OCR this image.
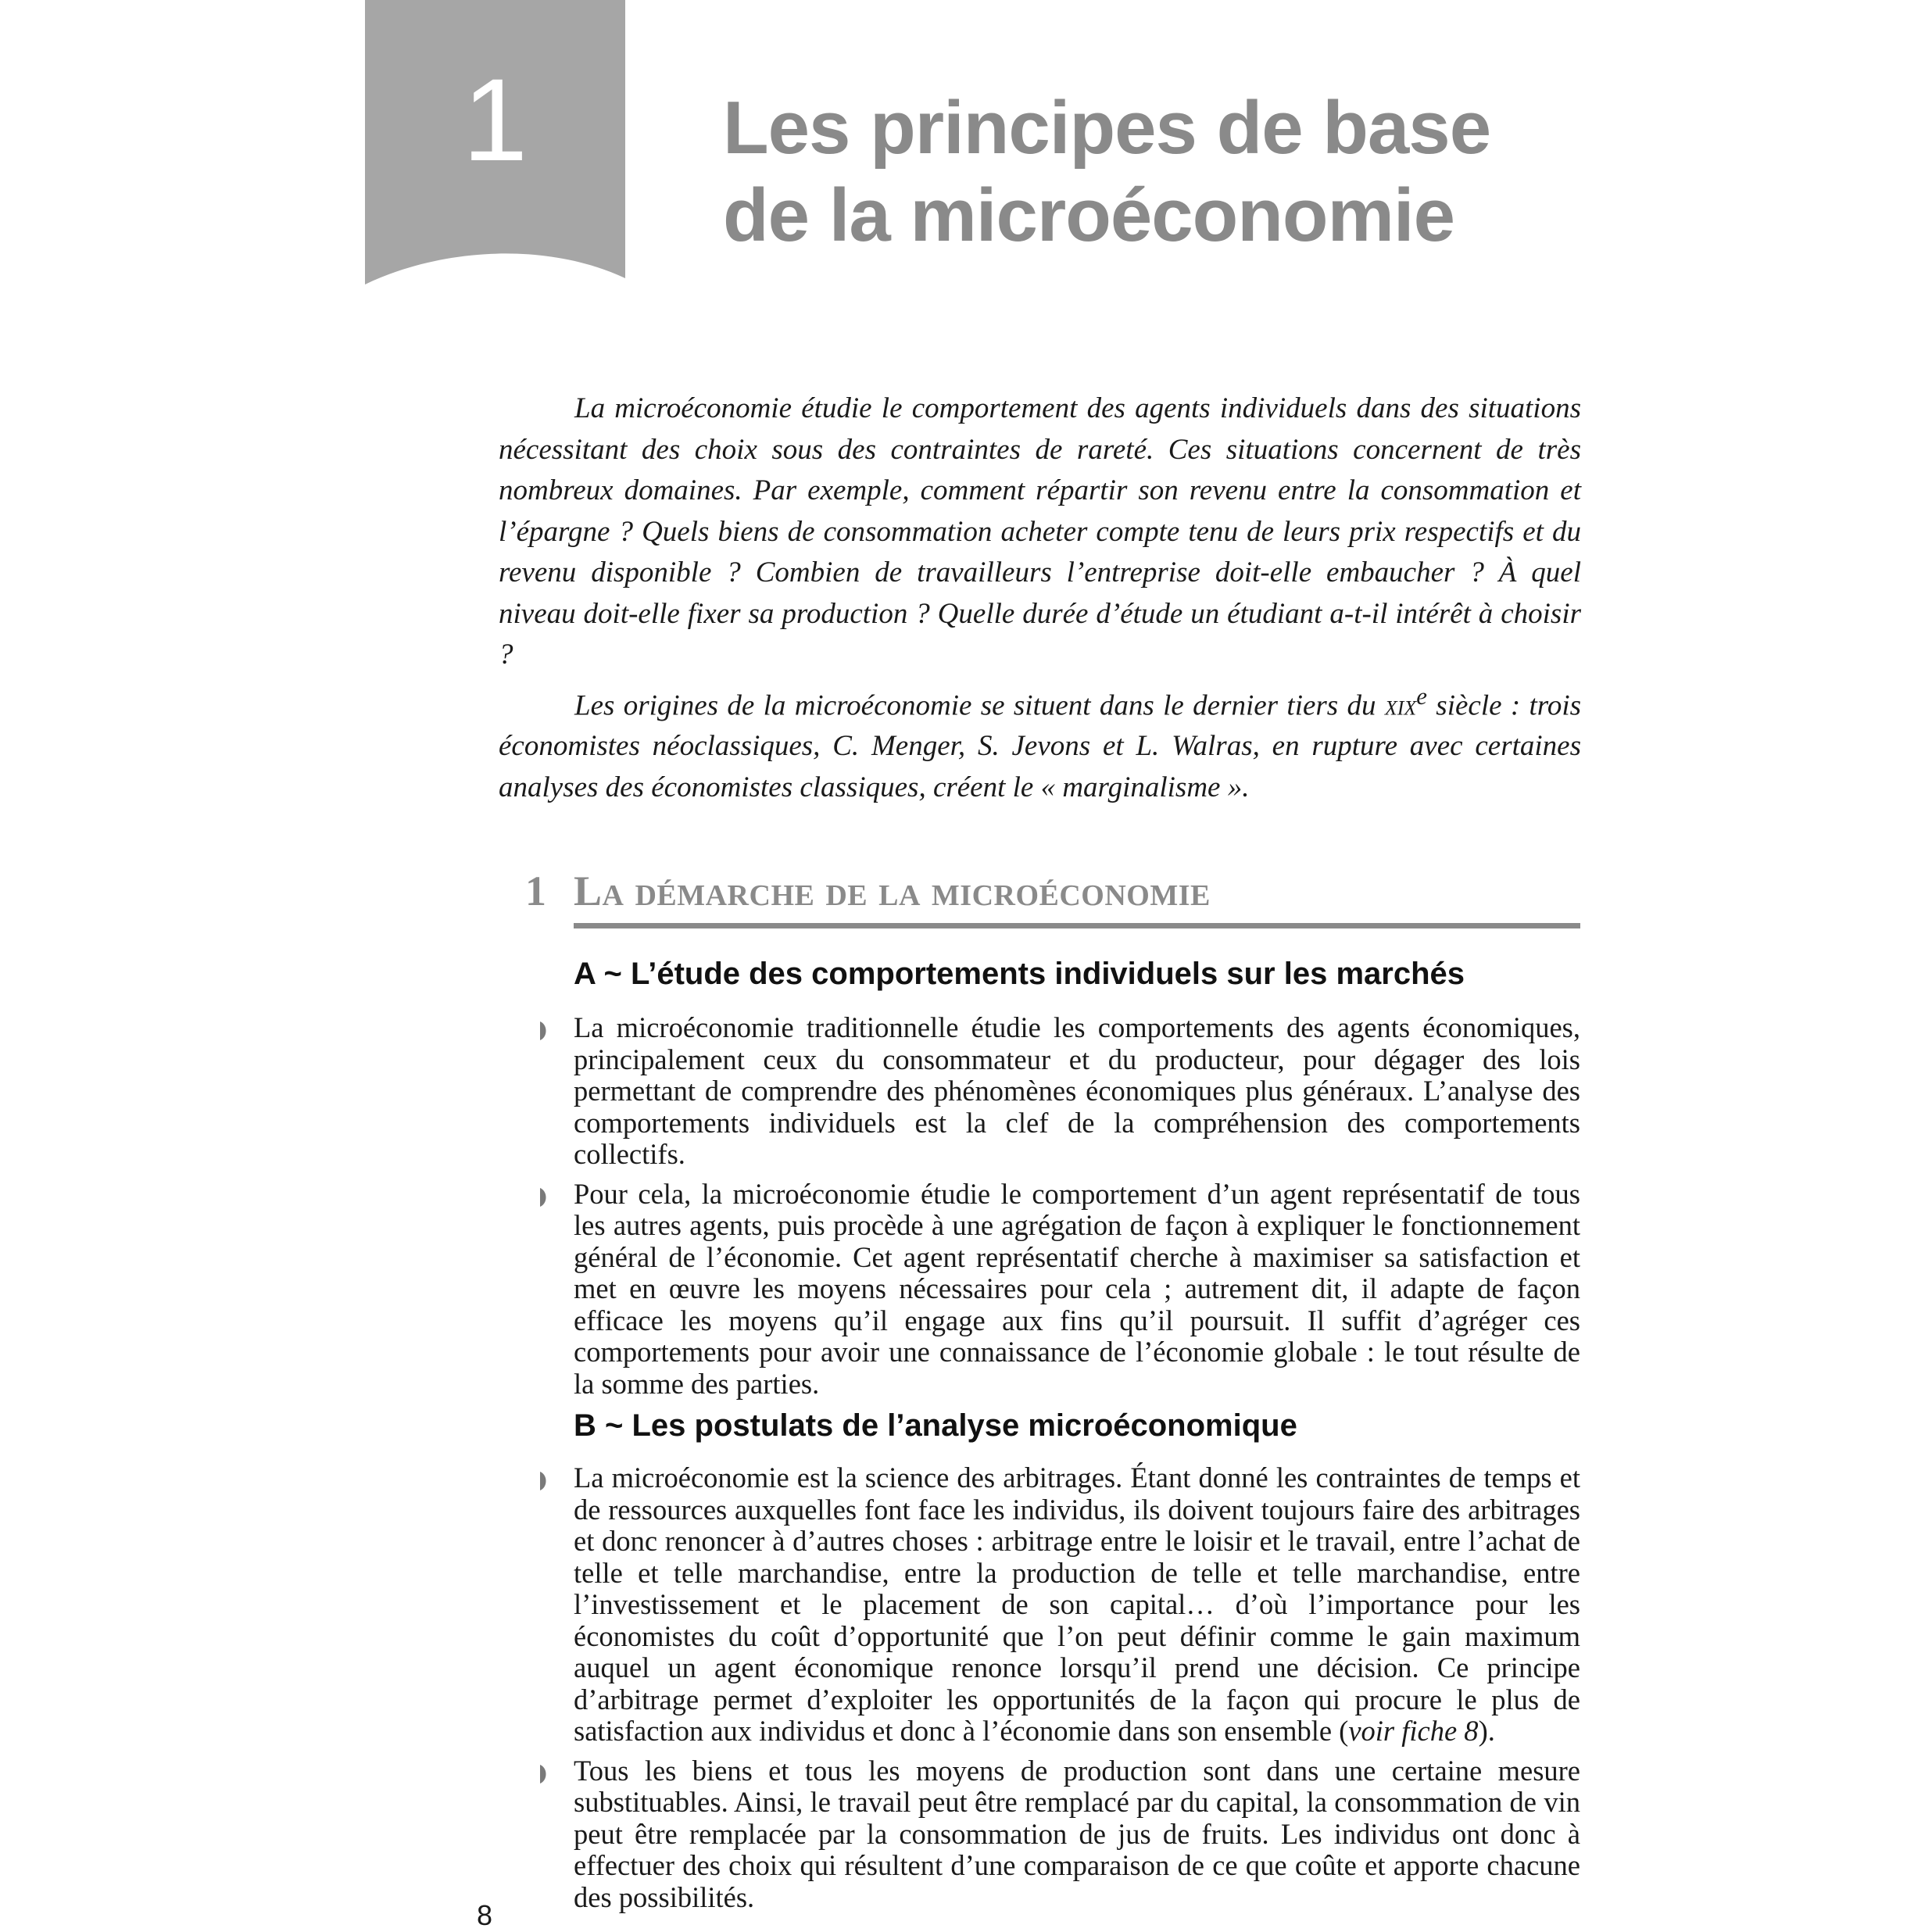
1	Les principes de base
de la microéconomie

La microéconomie étudie le comportement des agents individuels dans des situations nécessitant des choix sous des contraintes de rareté. Ces situations concernent de très nombreux domaines. Par exemple, comment répartir son revenu entre la consommation et l’épargne ? Quels biens de consommation acheter compte tenu de leurs prix respectifs et du revenu disponible ? Combien de travailleurs l’entreprise doit-elle embaucher ? À quel niveau doit-elle fixer sa production ? Quelle durée d’étude un étudiant a-t-il intérêt à choisir ?

Les origines de la microéconomie se situent dans le dernier tiers du xix$^e$ siècle : trois économistes néoclassiques, C. Menger, S. Jevons et L. Walras, en rupture avec certaines analyses des économistes classiques, créent le « marginalisme ».

1 La démarche de la microéconomie
A ~ L’étude des comportements individuels sur les marchés
La microéconomie traditionnelle étudie les comportements des agents économiques, principalement ceux du consommateur et du producteur, pour dégager des lois permettant de comprendre des phénomènes économiques plus généraux. L’analyse des comportements individuels est la clef de la compréhension des comportements collectifs.
Pour cela, la microéconomie étudie le comportement d’un agent représentatif de tous les autres agents, puis procède à une agrégation de façon à expliquer le fonctionnement général de l’économie. Cet agent représentatif cherche à maximiser sa satisfaction et met en œuvre les moyens nécessaires pour cela ; autrement dit, il adapte de façon efficace les moyens qu’il engage aux fins qu’il poursuit. Il suffit d’agréger ces comportements pour avoir une connaissance de l’économie globale : le tout résulte de la somme des parties.
B ~ Les postulats de l’analyse microéconomique
La microéconomie est la science des arbitrages. Étant donné les contraintes de temps et de ressources auxquelles font face les individus, ils doivent toujours faire des arbitrages et donc renoncer à d’autres choses : arbitrage entre le loisir et le travail, entre l’achat de telle et telle marchandise, entre la production de telle et telle marchandise, entre l’investissement et le placement de son capital… d’où l’importance pour les économistes du coût d’opportunité que l’on peut définir comme le gain maximum auquel un agent économique renonce lorsqu’il prend une décision. Ce principe d’arbitrage permet d’exploiter les opportunités de la façon qui procure le plus de satisfaction aux individus et donc à l’économie dans son ensemble (voir fiche 8).
Tous les biens et tous les moyens de production sont dans une certaine mesure substituables. Ainsi, le travail peut être remplacé par du capital, la consommation de vin peut être remplacée par la consommation de jus de fruits. Les individus ont donc à effectuer des choix qui résultent d’une comparaison de ce que coûte et apporte chacune des possibilités.
8
